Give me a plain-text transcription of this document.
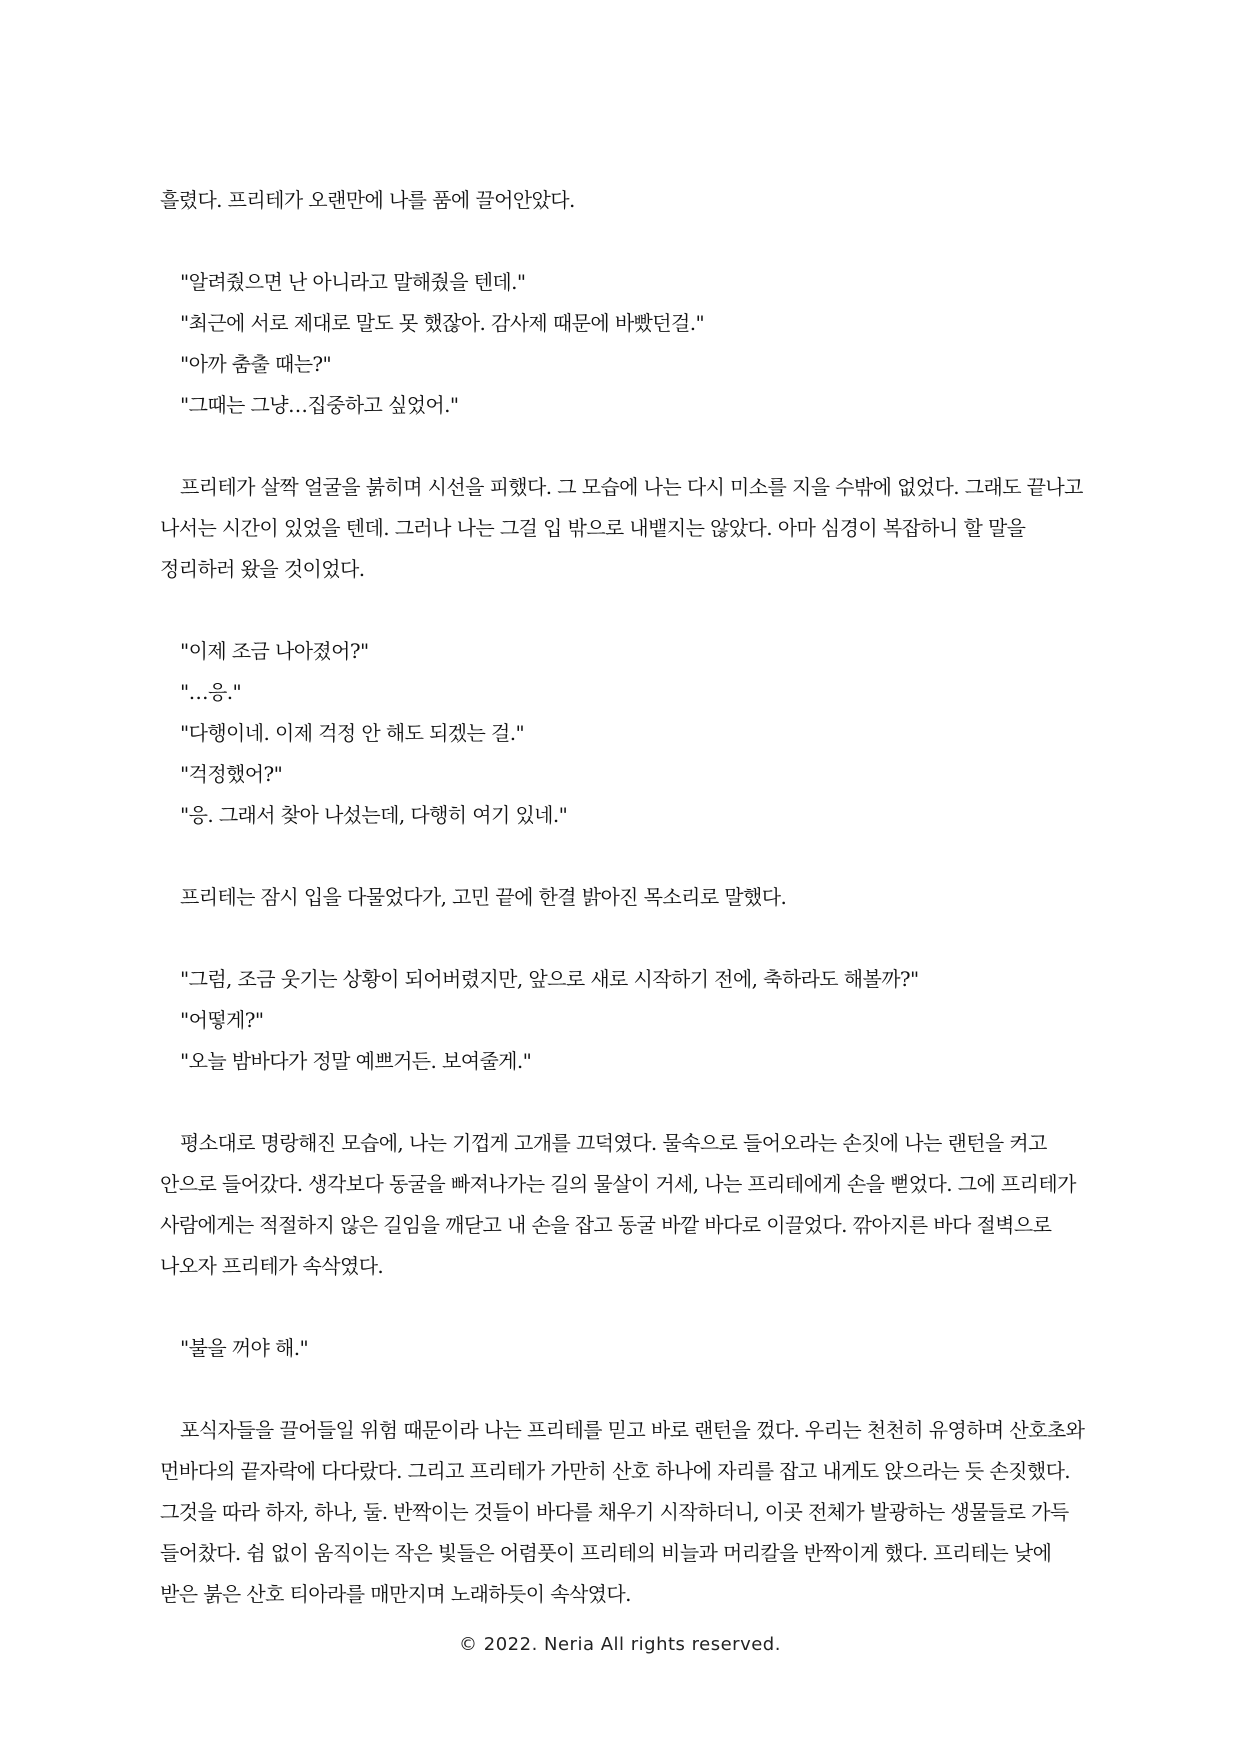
흘렸다. 프리테가 오랜만에 나를 품에 끌어안았다.
"알려줬으면 난 아니라고 말해줬을 텐데."
"최근에 서로 제대로 말도 못 했잖아. 감사제 때문에 바빴던걸."
"아까 춤출 때는?"
"그때는 그냥…집중하고 싶었어."
프리테가 살짝 얼굴을 붉히며 시선을 피했다. 그 모습에 나는 다시 미소를 지을 수밖에 없었다. 그래도 끝나고
나서는 시간이 있었을 텐데. 그러나 나는 그걸 입 밖으로 내뱉지는 않았다. 아마 심경이 복잡하니 할 말을
정리하러 왔을 것이었다.
"이제 조금 나아졌어?"
"…응."
"다행이네. 이제 걱정 안 해도 되겠는 걸."
"걱정했어?"
"응. 그래서 찾아 나섰는데, 다행히 여기 있네."
프리테는 잠시 입을 다물었다가, 고민 끝에 한결 밝아진 목소리로 말했다.
"그럼, 조금 웃기는 상황이 되어버렸지만, 앞으로 새로 시작하기 전에, 축하라도 해볼까?"
"어떻게?"
"오늘 밤바다가 정말 예쁘거든. 보여줄게."
평소대로 명랑해진 모습에, 나는 기껍게 고개를 끄덕였다. 물속으로 들어오라는 손짓에 나는 랜턴을 켜고
안으로 들어갔다. 생각보다 동굴을 빠져나가는 길의 물살이 거세, 나는 프리테에게 손을 뻗었다. 그에 프리테가
사람에게는 적절하지 않은 길임을 깨닫고 내 손을 잡고 동굴 바깥 바다로 이끌었다. 깎아지른 바다 절벽으로
나오자 프리테가 속삭였다.
"불을 꺼야 해."
포식자들을 끌어들일 위험 때문이라 나는 프리테를 믿고 바로 랜턴을 껐다. 우리는 천천히 유영하며 산호초와
먼바다의 끝자락에 다다랐다. 그리고 프리테가 가만히 산호 하나에 자리를 잡고 내게도 앉으라는 듯 손짓했다.
그것을 따라 하자, 하나, 둘. 반짝이는 것들이 바다를 채우기 시작하더니, 이곳 전체가 발광하는 생물들로 가득
들어찼다. 쉼 없이 움직이는 작은 빛들은 어렴풋이 프리테의 비늘과 머리칼을 반짝이게 했다. 프리테는 낮에
받은 붉은 산호 티아라를 매만지며 노래하듯이 속삭였다.
© 2022. Neria All rights reserved.
